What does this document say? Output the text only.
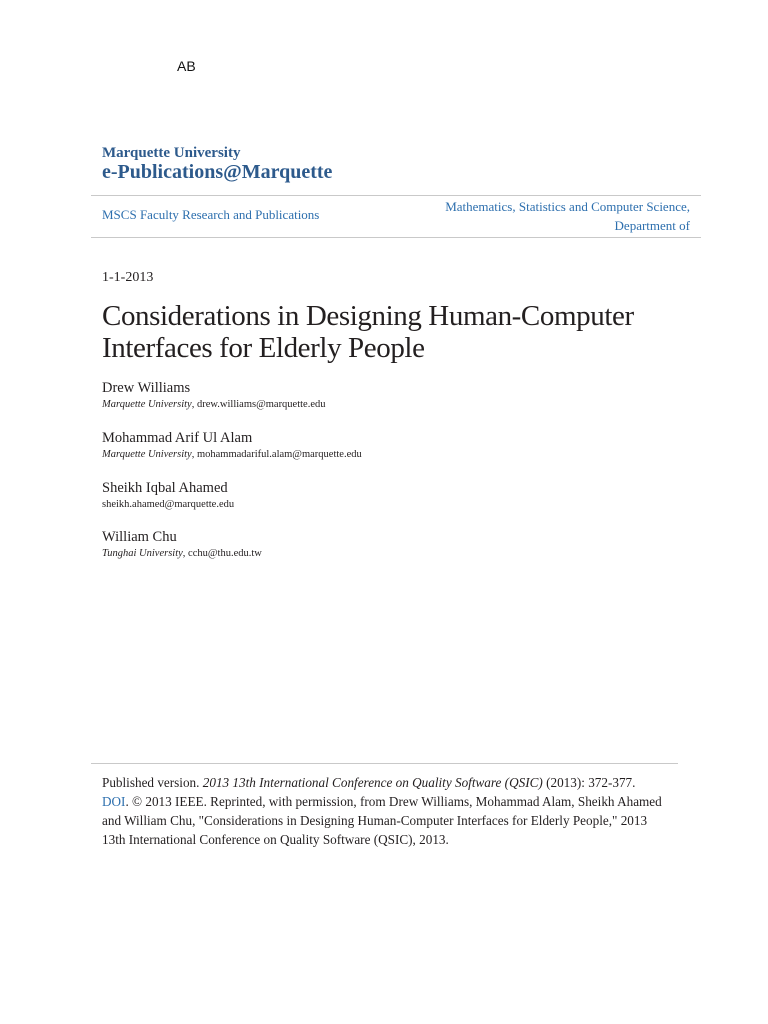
AB
Marquette University
e-Publications@Marquette
MSCS Faculty Research and Publications
Mathematics, Statistics and Computer Science,
Department of
1-1-2013
Considerations in Designing Human-Computer
Interfaces for Elderly People
Drew Williams
Marquette University, drew.williams@marquette.edu
Mohammad Arif Ul Alam
Marquette University, mohammadariful.alam@marquette.edu
Sheikh Iqbal Ahamed
sheikh.ahamed@marquette.edu
William Chu
Tunghai University, cchu@thu.edu.tw
Published version. 2013 13th International Conference on Quality Software (QSIC) (2013): 372-377.
DOI. © 2013 IEEE. Reprinted, with permission, from Drew Williams, Mohammad Alam, Sheikh Ahamed and William Chu, "Considerations in Designing Human-Computer Interfaces for Elderly People," 2013 13th International Conference on Quality Software (QSIC), 2013.
